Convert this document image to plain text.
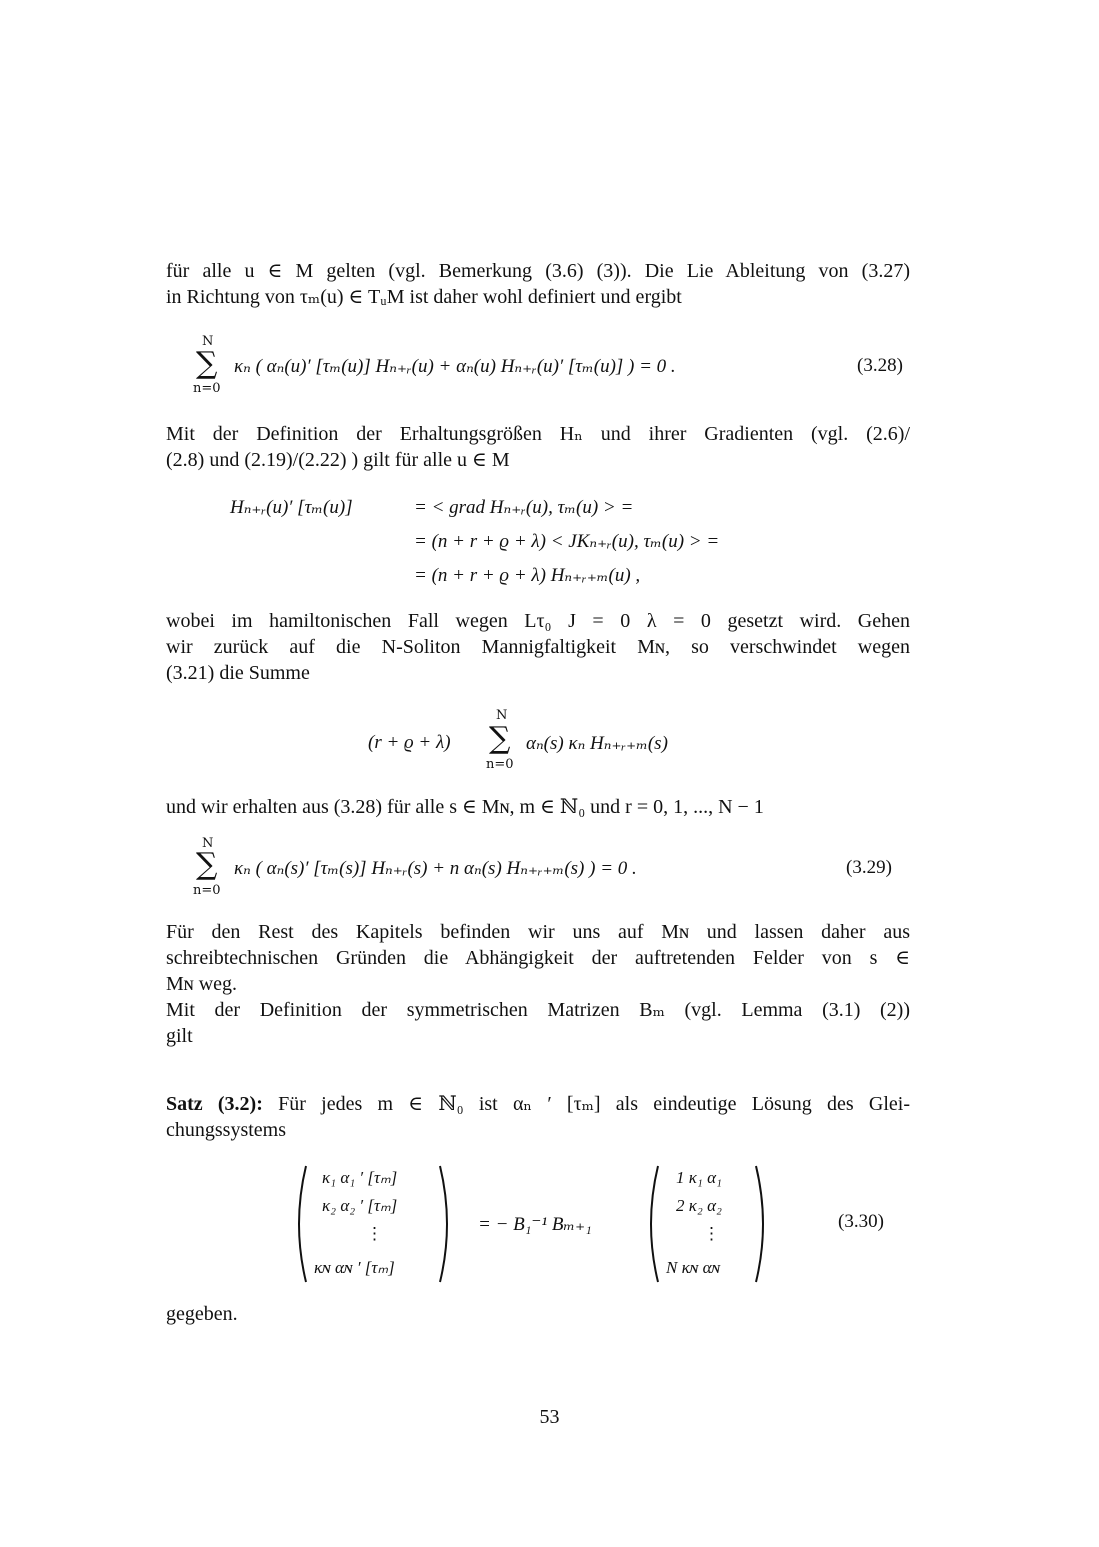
für alle u ∈ M gelten (vgl. Bemerkung (3.6) (3)). Die Lie Ableitung von (3.27)
in Richtung von τₘ(u) ∈ TᵤM ist daher wohl definiert und ergibt
N
∑
n=0
κₙ ( αₙ(u)′ [τₘ(u)] Hₙ₊ᵣ(u) + αₙ(u) Hₙ₊ᵣ(u)′ [τₘ(u)] ) = 0 .	(3.28)
Mit der Definition der Erhaltungsgrößen Hₙ und ihrer Gradienten (vgl. (2.6)/
(2.8) und (2.19)/(2.22) ) gilt für alle u ∈ M
Hₙ₊ᵣ(u)′ [τₘ(u)]	= < grad Hₙ₊ᵣ(u), τₘ(u) > =
= (n + r + ϱ + λ) < JKₙ₊ᵣ(u), τₘ(u) > =
= (n + r + ϱ + λ) Hₙ₊ᵣ₊ₘ(u) ,
wobei im hamiltonischen Fall wegen Lτ₀ J = 0 λ = 0 gesetzt wird. Gehen
wir zurück auf die N-Soliton Mannigfaltigkeit Mɴ, so verschwindet wegen
(3.21) die Summe
(r + ϱ + λ)
N
∑
n=0
αₙ(s) κₙ Hₙ₊ᵣ₊ₘ(s)
und wir erhalten aus (3.28) für alle s ∈ Mɴ, m ∈ ℕ₀ und r = 0, 1, ..., N − 1
N
∑
n=0
κₙ ( αₙ(s)′ [τₘ(s)] Hₙ₊ᵣ(s) + n αₙ(s) Hₙ₊ᵣ₊ₘ(s) ) = 0 .	(3.29)
Für den Rest des Kapitels befinden wir uns auf Mɴ und lassen daher aus
schreibtechnischen Gründen die Abhängigkeit der auftretenden Felder von s ∈
Mɴ weg.
Mit der Definition der symmetrischen Matrizen Bₘ (vgl. Lemma (3.1) (2))
gilt
Satz (3.2): Für jedes m ∈ ℕ₀ ist αₙ ′ [τₘ] als eindeutige Lösung des Glei-
chungssystems
κ₁ α₁ ′ [τₘ]
κ₂ α₂ ′ [τₘ]
⋮
κɴ αɴ ′ [τₘ]
= − B₁⁻¹ Bₘ₊₁
1 κ₁ α₁
2 κ₂ α₂
⋮
N κɴ αɴ
(3.30)
gegeben.
53
